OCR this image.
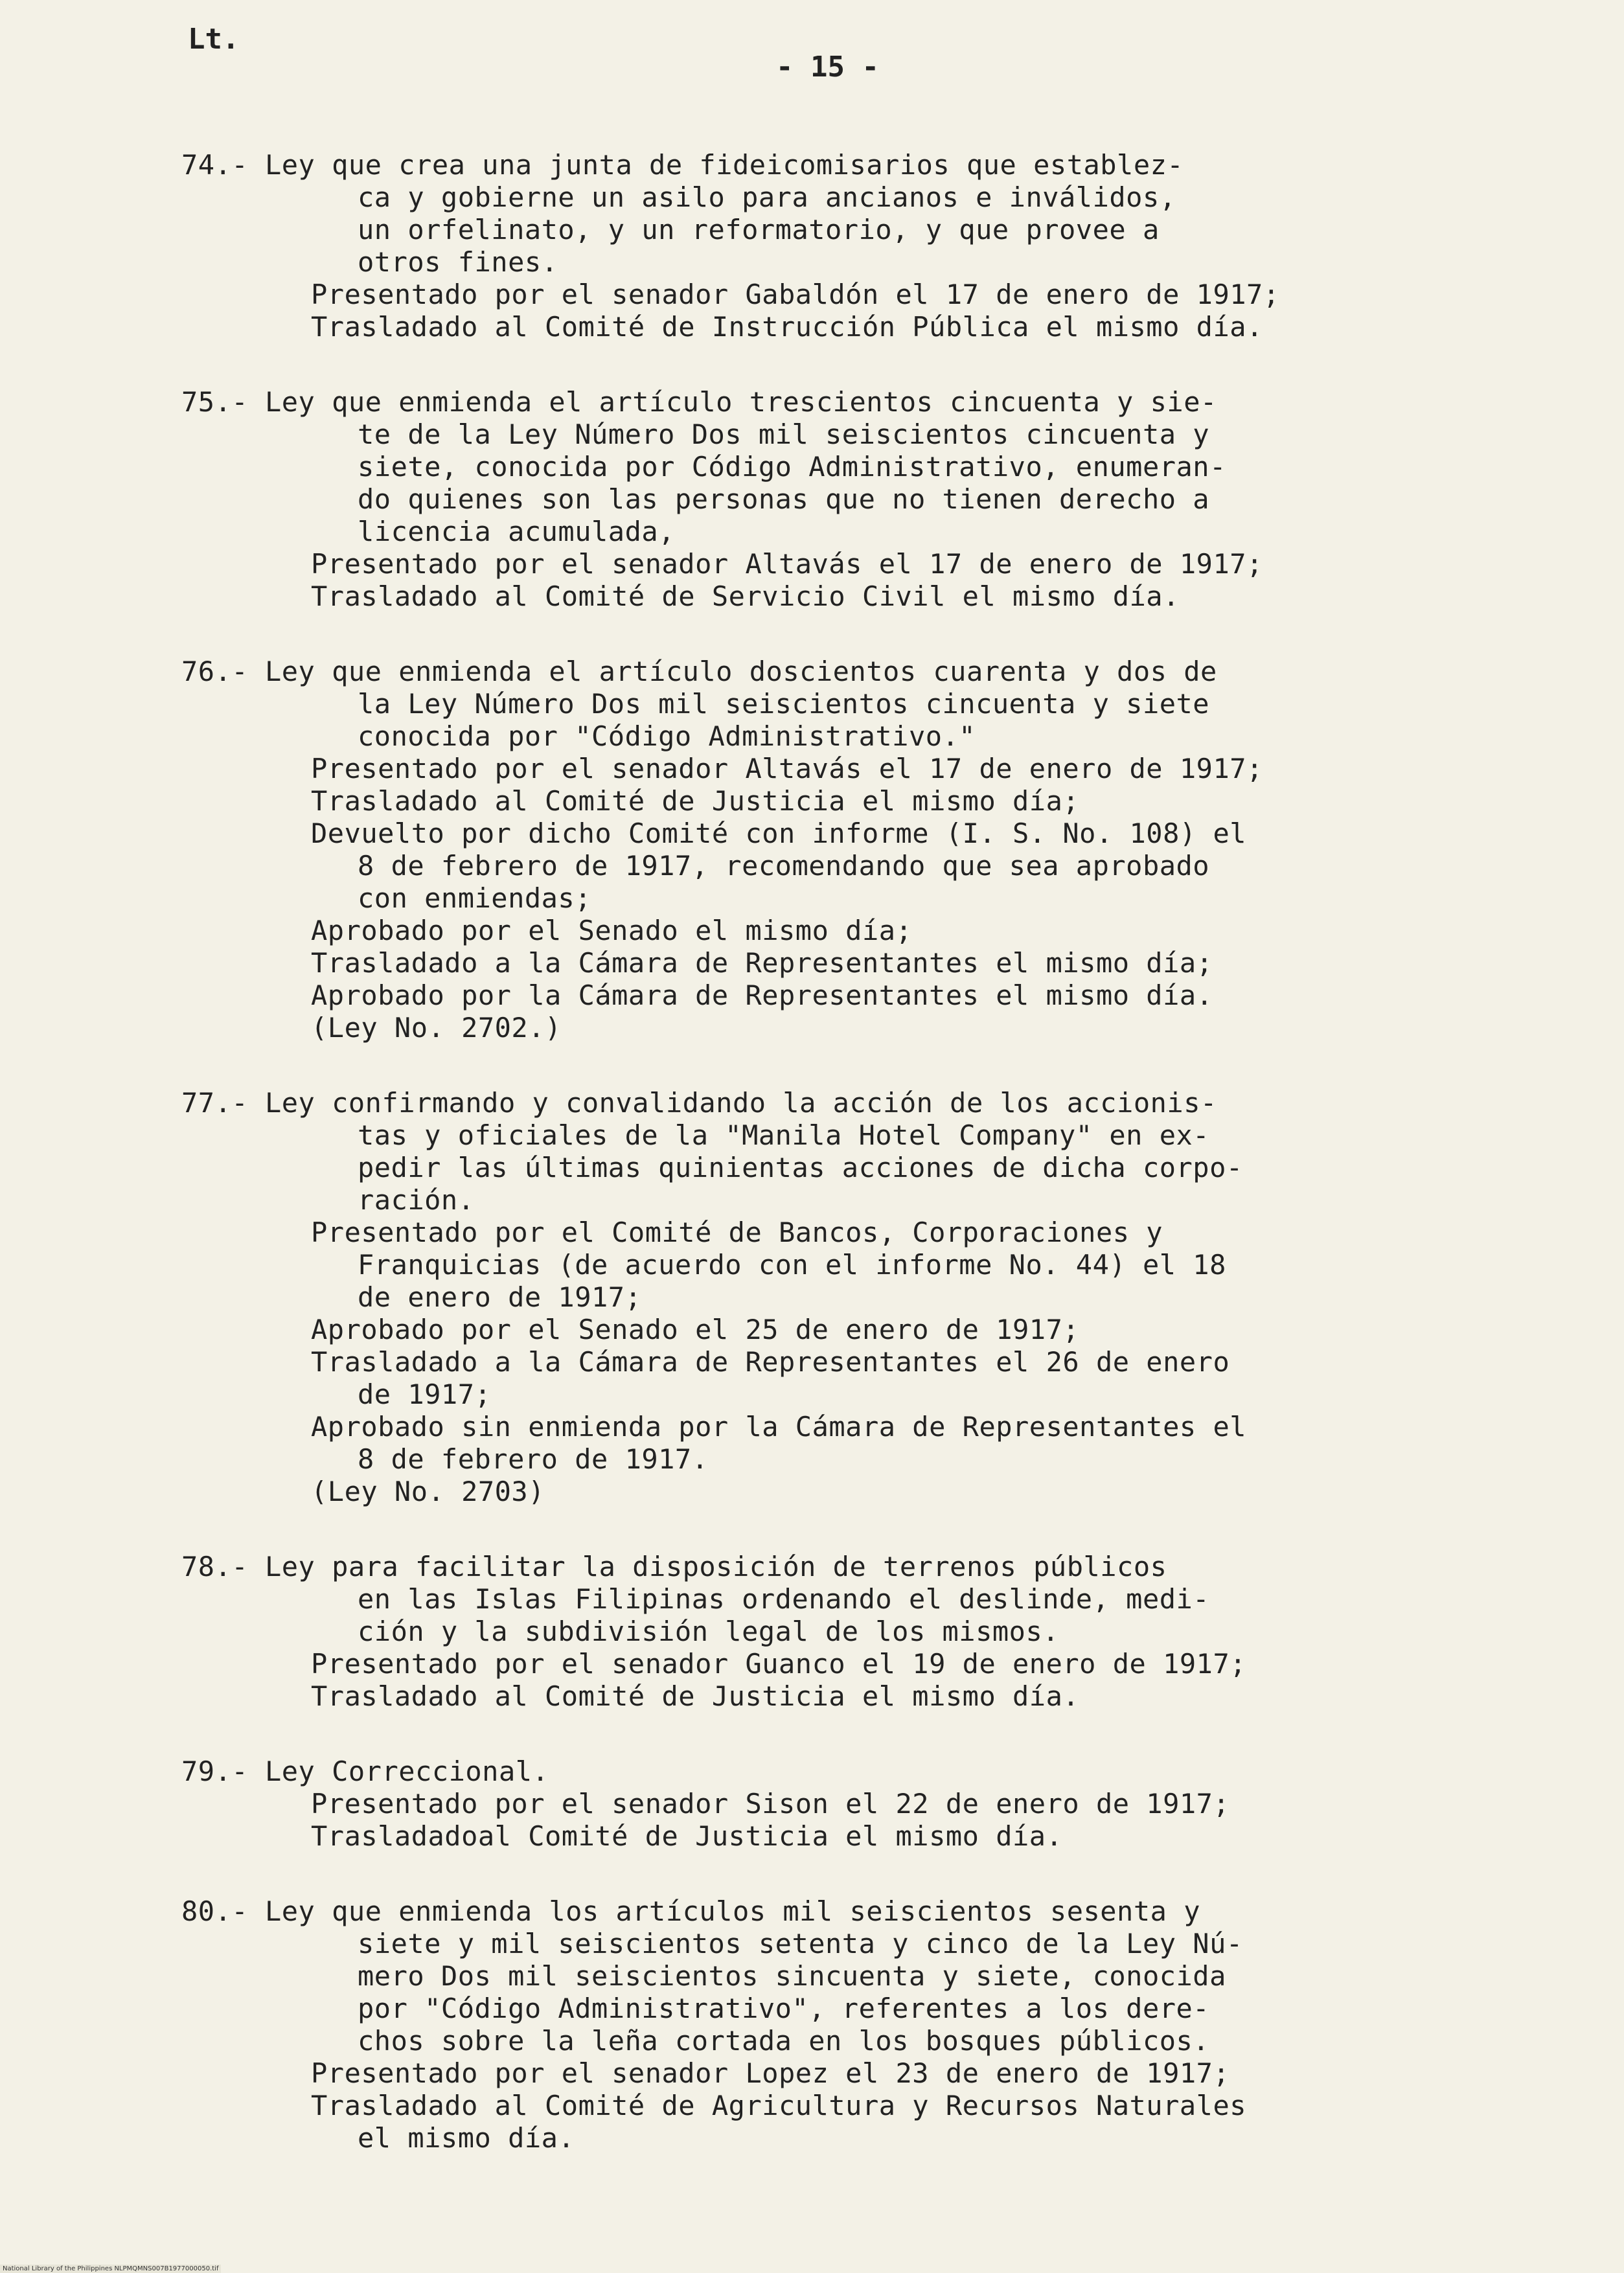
Lt.
- 15 -
74.- Ley que crea una junta de fideicomisarios que establez-
ca y gobierne un asilo para ancianos e inválidos,
un orfelinato, y un reformatorio, y que provee a
otros fines.
Presentado por el senador Gabaldón el 17 de enero de 1917;
Trasladado al Comité de Instrucción Pública el mismo día.
75.- Ley que enmienda el artículo trescientos cincuenta y sie-
te de la Ley Número Dos mil seiscientos cincuenta y
siete, conocida por Código Administrativo, enumeran-
do quienes son las personas que no tienen derecho a
licencia acumulada,
Presentado por el senador Altavás el 17 de enero de 1917;
Trasladado al Comité de Servicio Civil el mismo día.
76.- Ley que enmienda el artículo doscientos cuarenta y dos de
la Ley Número Dos mil seiscientos cincuenta y siete
conocida por "Código Administrativo."
Presentado por el senador Altavás el 17 de enero de 1917;
Trasladado al Comité de Justicia el mismo día;
Devuelto por dicho Comité con informe (I. S. No. 108) el
8 de febrero de 1917, recomendando que sea aprobado
con enmiendas;
Aprobado por el Senado el mismo día;
Trasladado a la Cámara de Representantes el mismo día;
Aprobado por la Cámara de Representantes el mismo día.
(Ley No. 2702.)
77.- Ley confirmando y convalidando la acción de los accionis-
tas y oficiales de la "Manila Hotel Company" en ex-
pedir las últimas quinientas acciones de dicha corpo-
ración.
Presentado por el Comité de Bancos, Corporaciones y
Franquicias (de acuerdo con el informe No. 44) el 18
de enero de 1917;
Aprobado por el Senado el 25 de enero de 1917;
Trasladado a la Cámara de Representantes el 26 de enero
de 1917;
Aprobado sin enmienda por la Cámara de Representantes el
8 de febrero de 1917.
(Ley No. 2703)
78.- Ley para facilitar la disposición de terrenos públicos
en las Islas Filipinas ordenando el deslinde, medi-
ción y la subdivisión legal de los mismos.
Presentado por el senador Guanco el 19 de enero de 1917;
Trasladado al Comité de Justicia el mismo día.
79.- Ley Correccional.
Presentado por el senador Sison el 22 de enero de 1917;
Trasladadoal Comité de Justicia el mismo día.
80.- Ley que enmienda los artículos mil seiscientos sesenta y
siete y mil seiscientos setenta y cinco de la Ley Nú-
mero Dos mil seiscientos sincuenta y siete, conocida
por "Código Administrativo", referentes a los dere-
chos sobre la leña cortada en los bosques públicos.
Presentado por el senador Lopez el 23 de enero de 1917;
Trasladado al Comité de Agricultura y Recursos Naturales
el mismo día.
National Library of the Philippines NLPMQMNS007B1977000050.tif
